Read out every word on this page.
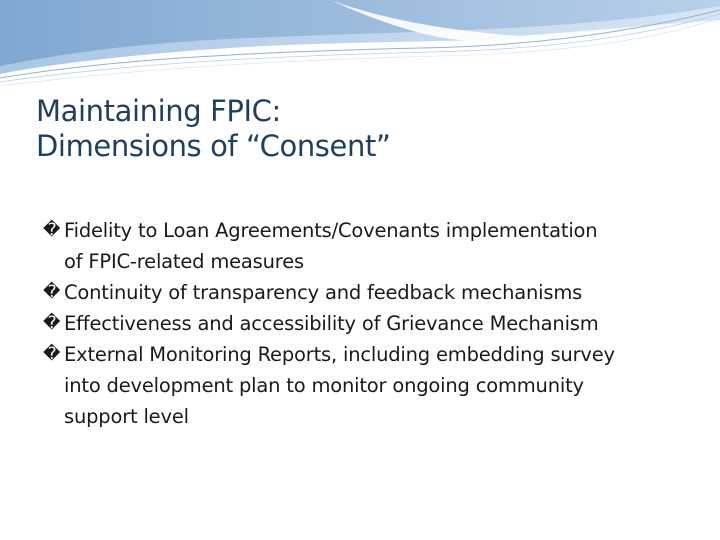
Maintaining FPIC:
Dimensions of “Consent”
� Fidelity to Loan Agreements/Covenants implementation
of FPIC-related measures
� Continuity of transparency and feedback mechanisms
� Effectiveness and accessibility of Grievance Mechanism
� External Monitoring Reports, including embedding survey
into development plan to monitor ongoing community
support level
